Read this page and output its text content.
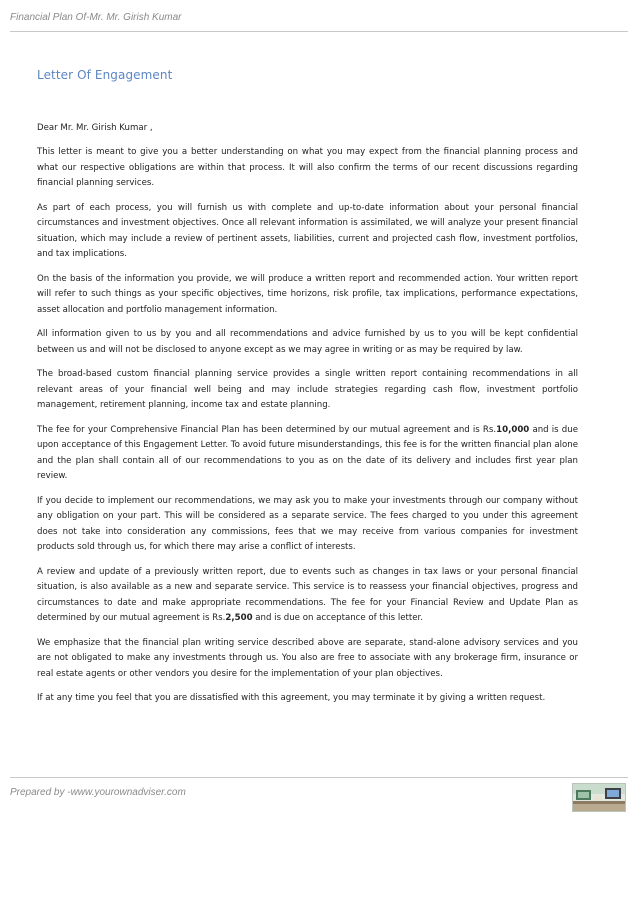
Financial Plan Of-Mr. Mr. Girish Kumar
Letter Of Engagement
Dear Mr. Mr. Girish Kumar ,

This letter is meant to give you a better understanding on what you may expect from the financial planning process and what our respective obligations are within that process. It will also confirm the terms of our recent discussions regarding financial planning services.

As part of each process, you will furnish us with complete and up-to-date information about your personal financial circumstances and investment objectives. Once all relevant information is assimilated, we will analyze your present financial situation, which may include a review of pertinent assets, liabilities, current and projected cash flow, investment portfolios, and tax implications.

On the basis of the information you provide, we will produce a written report and recommended action. Your written report will refer to such things as your specific objectives, time horizons, risk profile, tax implications, performance expectations, asset allocation and portfolio management information.

All information given to us by you and all recommendations and advice furnished by us to you will be kept confidential between us and will not be disclosed to anyone except as we may agree in writing or as may be required by law.

The broad-based custom financial planning service provides a single written report containing recommendations in all relevant areas of your financial well being and may include strategies regarding cash flow, investment portfolio management, retirement planning, income tax and estate planning.

The fee for your Comprehensive Financial Plan has been determined by our mutual agreement and is Rs.10,000 and is due upon acceptance of this Engagement Letter. To avoid future misunderstandings, this fee is for the written financial plan alone and the plan shall contain all of our recommendations to you as on the date of its delivery and includes first year plan review.

If you decide to implement our recommendations, we may ask you to make your investments through our company without any obligation on your part. This will be considered as a separate service. The fees charged to you under this agreement does not take into consideration any commissions, fees that we may receive from various companies for investment products sold through us, for which there may arise a conflict of interests.

A review and update of a previously written report, due to events such as changes in tax laws or your personal financial situation, is also available as a new and separate service. This service is to reassess your financial objectives, progress and circumstances to date and make appropriate recommendations. The fee for your Financial Review and Update Plan as determined by our mutual agreement is Rs.2,500 and is due on acceptance of this letter.

We emphasize that the financial plan writing service described above are separate, stand-alone advisory services and you are not obligated to make any investments through us. You also are free to associate with any brokerage firm, insurance or real estate agents or other vendors you desire for the implementation of your plan objectives.

If at any time you feel that you are dissatisfied with this agreement, you may terminate it by giving a written request.

Prepared by -www.yourownadviser.com
